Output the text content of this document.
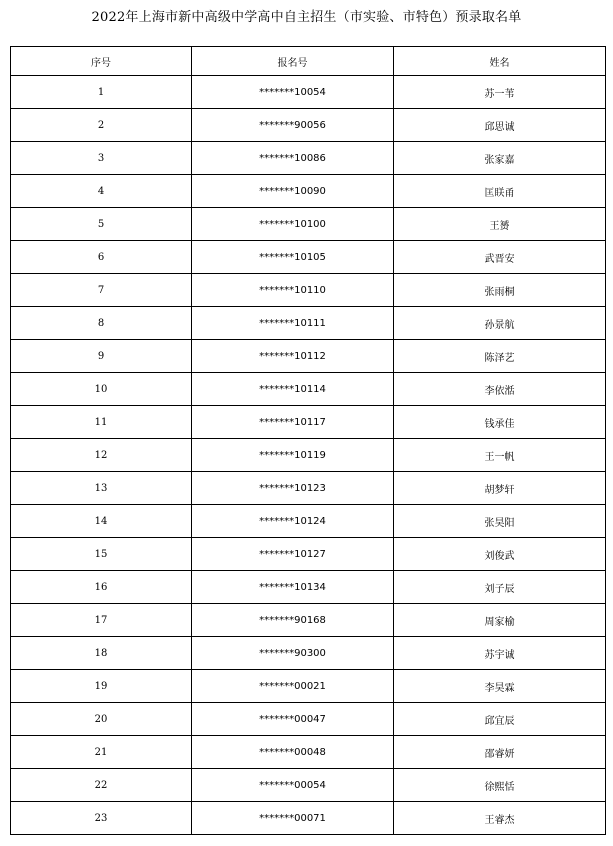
2022年上海市新中高级中学高中自主招生（市实验、市特色）预录取名单
序号	报名号	姓名
1	*******10054	苏一苇
2	*******90056	邱思诚
3	*******10086	张家嘉
4	*******10090	匡眹甬
5	*******10100	王赟
6	*******10105	武晋安
7	*******10110	张雨桐
8	*******10111	孙景航
9	*******10112	陈泽艺
10	*******10114	李依湉
11	*******10117	钱承佳
12	*******10119	王一帆
13	*******10123	胡梦轩
14	*******10124	张昊阳
15	*******10127	刘俊武
16	*******10134	刘子辰
17	*******90168	周家榆
18	*******90300	苏宇诚
19	*******00021	李昊霖
20	*******00047	邱宜辰
21	*******00048	邵睿妍
22	*******00054	徐熙恬
23	*******00071	王睿杰
